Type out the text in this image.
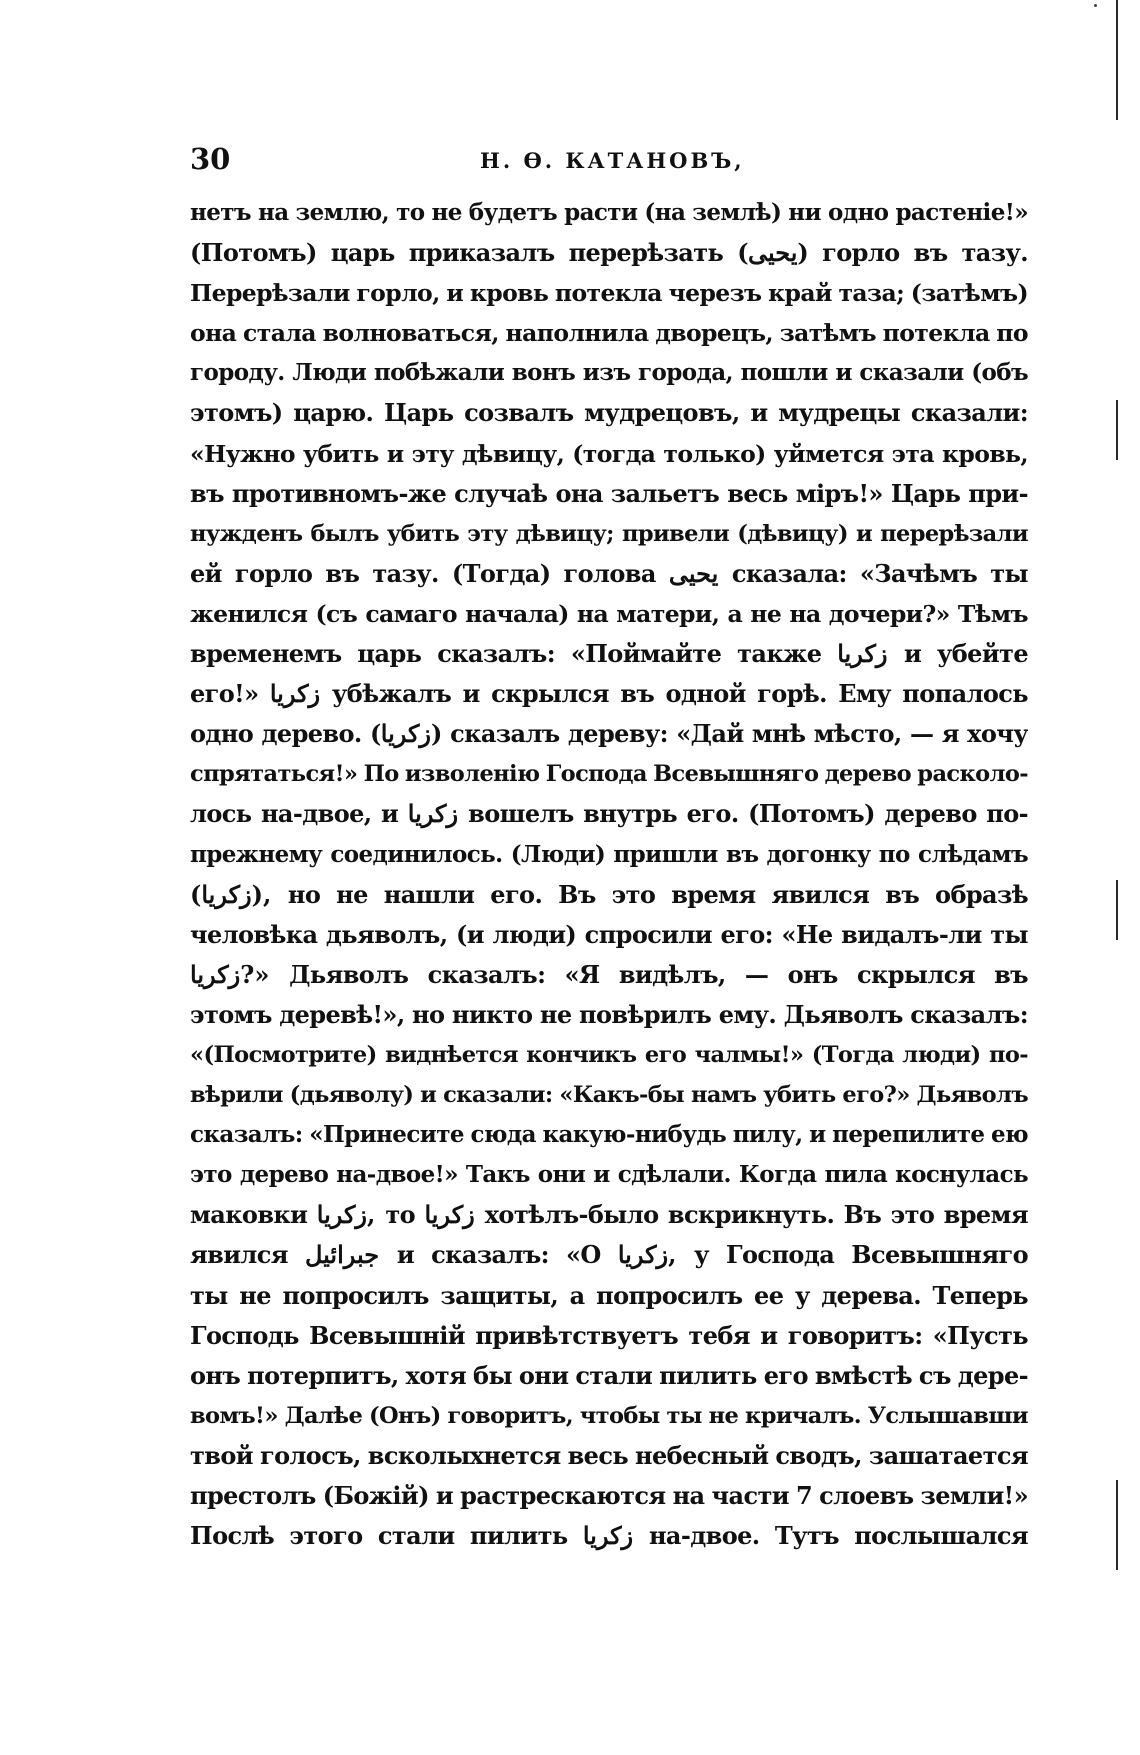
30	Н. Ѳ. КАТАНОВЪ,
нетъ на землю, то не будетъ расти (на землѣ) ни одно растеніе!»
(Потомъ) царь приказалъ перерѣзать (يحيى) горло въ тазу.
Перерѣзали горло, и кровь потекла черезъ край таза; (затѣмъ)
она стала волноваться, наполнила дворецъ, затѣмъ потекла по
городу. Люди побѣжали вонъ изъ города, пошли и сказали (объ
этомъ) царю. Царь созвалъ мудрецовъ, и мудрецы сказали:
«Нужно убить и эту дѣвицу, (тогда только) уймется эта кровь,
въ противномъ-же случаѣ она зальетъ весь міръ!» Царь при-
нужденъ былъ убить эту дѣвицу; привели (дѣвицу) и перерѣзали
ей горло въ тазу. (Тогда) голова يحيى сказала: «Зачѣмъ ты
женился (съ самаго начала) на матери, а не на дочери?» Тѣмъ
временемъ царь сказалъ: «Поймайте также زكريا и убейте
его!» زكريا убѣжалъ и скрылся въ одной горѣ. Ему попалось
одно дерево. (زكريا) сказалъ дереву: «Дай мнѣ мѣсто, — я хочу
спрятаться!» По изволенію Господа Всевышняго дерево расколо-
лось на-двое, и زكريا вошелъ внутрь его. (Потомъ) дерево по-
прежнему соединилось. (Люди) пришли въ догонку по слѣдамъ
(زكريا), но не нашли его. Въ это время явился въ образѣ
человѣка дьяволъ, (и люди) спросили его: «Не видалъ-ли ты
زكريا?» Дьяволъ сказалъ: «Я видѣлъ, — онъ скрылся въ
этомъ деревѣ!», но никто не повѣрилъ ему. Дьяволъ сказалъ:
«(Посмотрите) виднѣется кончикъ его чалмы!» (Тогда люди) по-
вѣрили (дьяволу) и сказали: «Какъ-бы намъ убить его?» Дьяволъ
сказалъ: «Принесите сюда какую-нибудь пилу, и перепилите ею
это дерево на-двое!» Такъ они и сдѣлали. Когда пила коснулась
маковки زكريا, то زكريا хотѣлъ-было вскрикнуть. Въ это время
явился جبرائيل и сказалъ: «О زكريا, у Господа Всевышняго
ты не попросилъ защиты, а попросилъ ее у дерева. Теперь
Господь Всевышній привѣтствуетъ тебя и говоритъ: «Пусть
онъ потерпитъ, хотя бы они стали пилить его вмѣстѣ съ дере-
вомъ!» Далѣе (Онъ) говоритъ, чтобы ты не кричалъ. Услышавши
твой голосъ, всколыхнется весь небесный сводъ, зашатается
престолъ (Божій) и растрескаются на части 7 слоевъ земли!»
Послѣ этого стали пилить زكريا на-двое. Тутъ послышался
